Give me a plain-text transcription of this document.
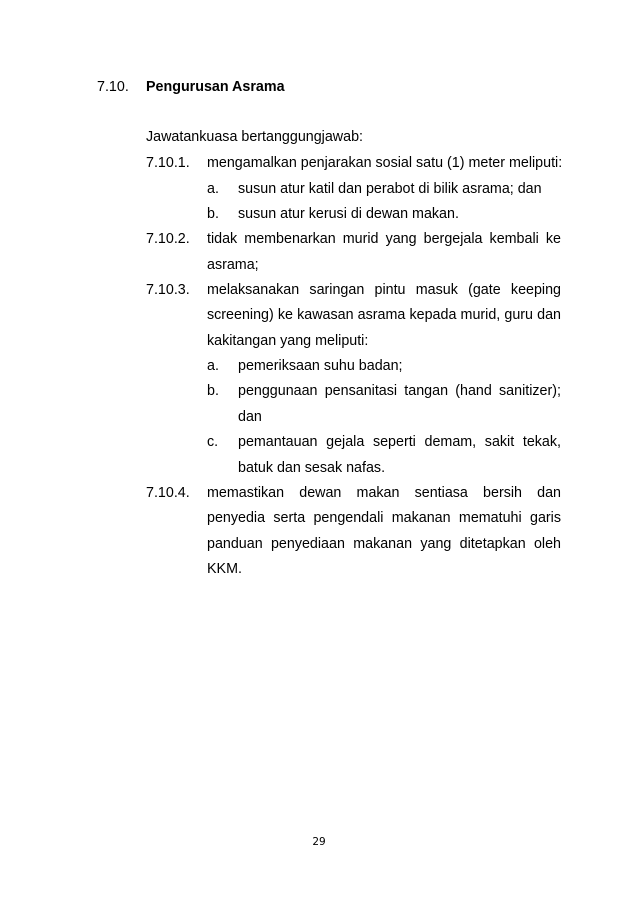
7.10. Pengurusan Asrama
Jawatankuasa bertanggungjawab:
7.10.1. mengamalkan penjarakan sosial satu (1) meter meliputi:
a. susun atur katil dan perabot di bilik asrama; dan
b. susun atur kerusi di dewan makan.
7.10.2. tidak membenarkan murid yang bergejala kembali ke
asrama;
7.10.3. melaksanakan saringan pintu masuk (gate keeping
screening) ke kawasan asrama kepada murid, guru dan
kakitangan yang meliputi:
a. pemeriksaan suhu badan;
b. penggunaan pensanitasi tangan (hand sanitizer);
dan
c. pemantauan gejala seperti demam, sakit tekak,
batuk dan sesak nafas.
7.10.4. memastikan dewan makan sentiasa bersih dan
penyedia serta pengendali makanan mematuhi garis
panduan penyediaan makanan yang ditetapkan oleh
KKM.
29
